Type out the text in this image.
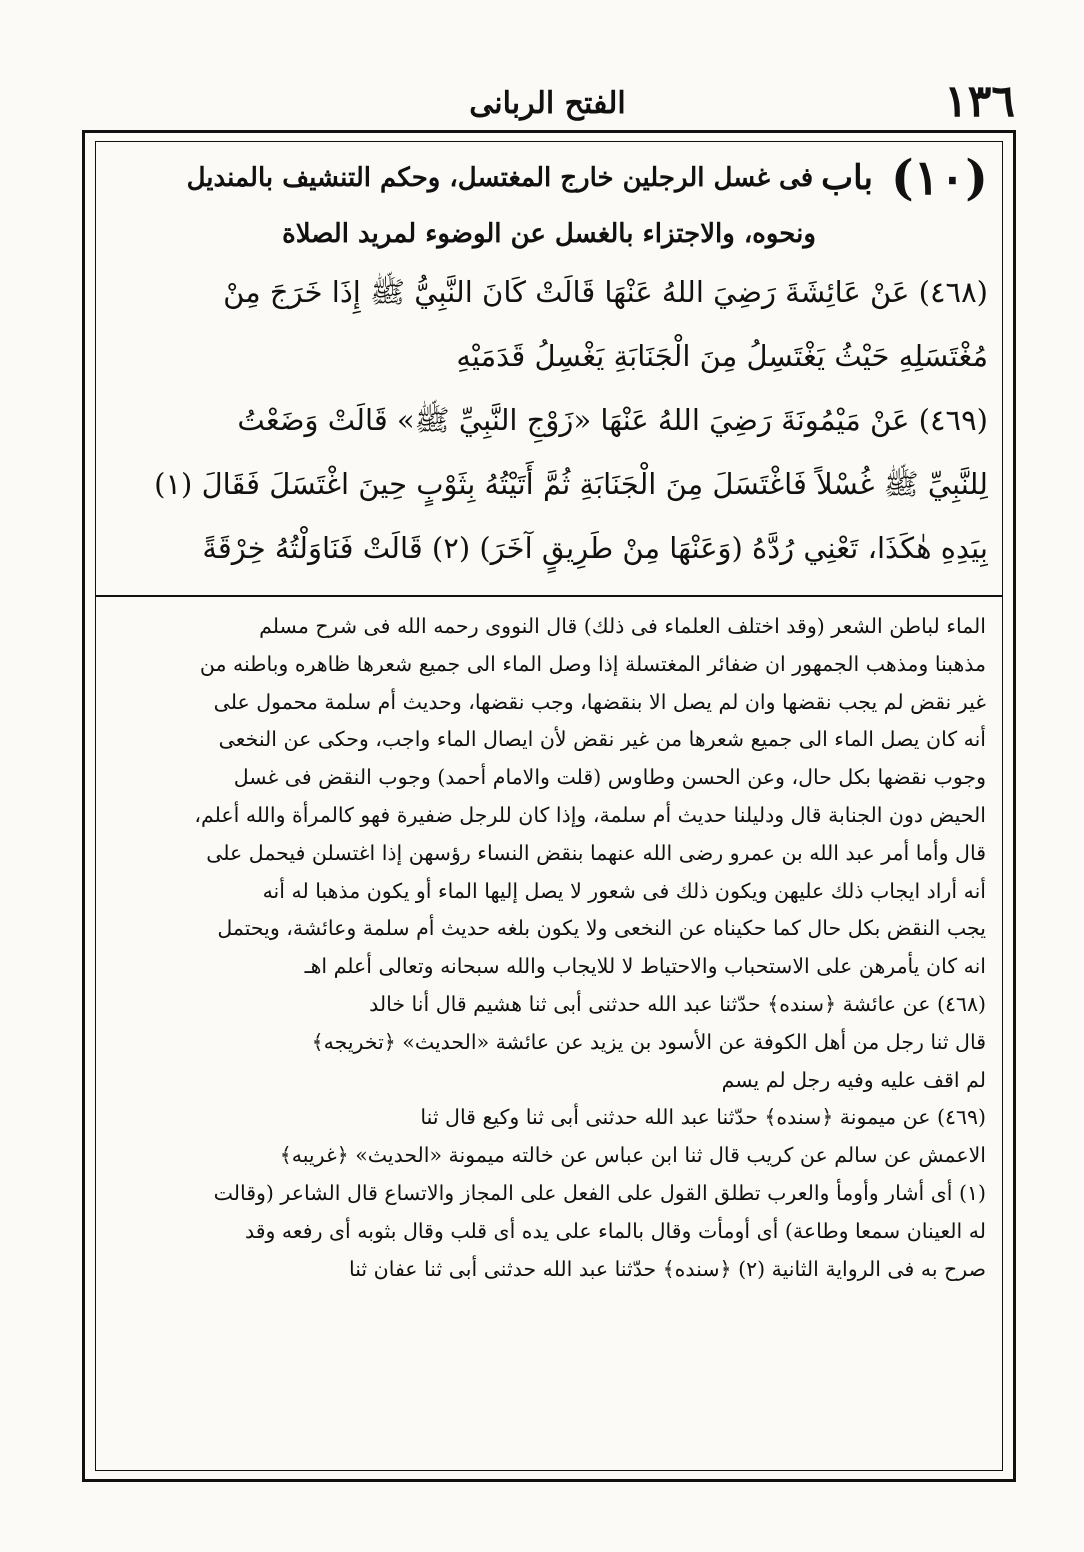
١٣٦
الفتح الربانى
(١٠)
باب
فى غسل الرجلين خارج المغتسل، وحكم التنشيف بالمنديل
ونحوه، والاجتزاء بالغسل عن الوضوء لمريد الصلاة
(٤٦٨) عَنْ عَائِشَةَ رَضِيَ اللهُ عَنْهَا قَالَتْ كَانَ النَّبِيُّ ﷺ إِذَا خَرَجَ مِنْ
مُغْتَسَلِهِ حَيْثُ يَغْتَسِلُ مِنَ الْجَنَابَةِ يَغْسِلُ قَدَمَيْهِ
(٤٦٩) عَنْ مَيْمُونَةَ رَضِيَ اللهُ عَنْهَا «زَوْجِ النَّبِيِّ ﷺ» قَالَتْ وَضَعْتُ
لِلنَّبِيِّ ﷺ غُسْلاً فَاغْتَسَلَ مِنَ الْجَنَابَةِ ثُمَّ أَتَيْتُهُ بِثَوْبٍ حِينَ اغْتَسَلَ فَقَالَ (١)
بِيَدِهِ هٰكَذَا، تَعْنِي رُدَّهُ (وَعَنْهَا مِنْ طَرِيقٍ آخَرَ) (٢) قَالَتْ فَنَاوَلْتُهُ خِرْقَةً
الماء لباطن الشعر (وقد اختلف العلماء فى ذلك) قال النووى رحمه الله فى شرح مسلم
مذهبنا ومذهب الجمهور ان ضفائر المغتسلة إذا وصل الماء الى جميع شعرها ظاهره وباطنه من
غير نقض لم يجب نقضها وان لم يصل الا بنقضها، وجب نقضها، وحديث أم سلمة محمول على
أنه كان يصل الماء الى جميع شعرها من غير نقض لأن ايصال الماء واجب، وحكى عن النخعى
وجوب نقضها بكل حال، وعن الحسن وطاوس (قلت والامام أحمد) وجوب النقض فى غسل
الحيض دون الجنابة قال ودليلنا حديث أم سلمة، وإذا كان للرجل ضفيرة فهو كالمرأة والله أعلم،
قال وأما أمر عبد الله بن عمرو رضى الله عنهما بنقض النساء رؤسهن إذا اغتسلن فيحمل على
أنه أراد ايجاب ذلك عليهن ويكون ذلك فى شعور لا يصل إليها الماء أو يكون مذهبا له أنه
يجب النقض بكل حال كما حكيناه عن النخعى ولا يكون بلغه حديث أم سلمة وعائشة، ويحتمل
انه كان يأمرهن على الاستحباب والاحتياط لا للايجاب والله سبحانه وتعالى أعلم اهـ
(٤٦٨) عن عائشة ﴿سنده﴾ حدّثنا عبد الله حدثنى أبى ثنا هشيم قال أنا خالد
قال ثنا رجل من أهل الكوفة عن الأسود بن يزيد عن عائشة «الحديث» ﴿تخريجه﴾
لم اقف عليه وفيه رجل لم يسم
(٤٦٩) عن ميمونة ﴿سنده﴾ حدّثنا عبد الله حدثنى أبى ثنا وكيع قال ثنا
الاعمش عن سالم عن كريب قال ثنا ابن عباس عن خالته ميمونة «الحديث» ﴿غريبه﴾
(١) أى أشار وأومأ والعرب تطلق القول على الفعل على المجاز والاتساع قال الشاعر (وقالت
له العينان سمعا وطاعة) أى أومأت وقال بالماء على يده أى قلب وقال بثوبه أى رفعه وقد
صرح به فى الرواية الثانية (٢) ﴿سنده﴾ حدّثنا عبد الله حدثنى أبى ثنا عفان ثنا
